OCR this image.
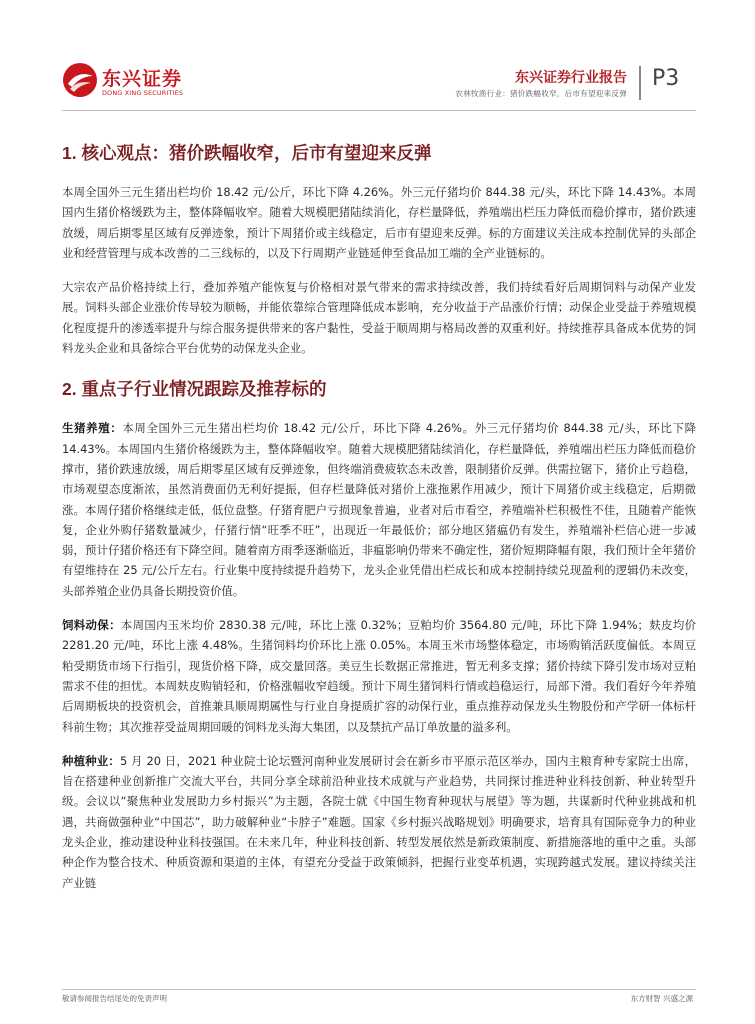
东兴证券
DONG XING SECURITIES
东兴证券行业报告
农林牧渔行业：猪价跌幅收窄，后市有望迎来反弹
P3
1. 核心观点：猪价跌幅收窄，后市有望迎来反弹

本周全国外三元生猪出栏均价 18.42 元/公斤，环比下降 4.26%。外三元仔猪均价 844.38 元/头，环比下降 14.43%。本周国内生猪价格缓跌为主，整体降幅收窄。随着大规模肥猪陆续消化，存栏量降低，养殖端出栏压力降低而稳价撑市，猪价跌速放缓，周后期零星区域有反弹迹象，预计下周猪价或主线稳定，后市有望迎来反弹。标的方面建议关注成本控制优异的头部企业和经营管理与成本改善的二三线标的，以及下行周期产业链延伸至食品加工端的全产业链标的。

大宗农产品价格持续上行，叠加养殖产能恢复与价格相对景气带来的需求持续改善，我们持续看好后周期饲料与动保产业发展。饲料头部企业涨价传导较为顺畅，并能依靠综合管理降低成本影响，充分收益于产品涨价行情；动保企业受益于养殖规模化程度提升的渗透率提升与综合服务提供带来的客户黏性，受益于顺周期与格局改善的双重利好。持续推荐具备成本优势的饲料龙头企业和具备综合平台优势的动保龙头企业。

2. 重点子行业情况跟踪及推荐标的

生猪养殖：本周全国外三元生猪出栏均价 18.42 元/公斤，环比下降 4.26%。外三元仔猪均价 844.38 元/头，环比下降 14.43%。本周国内生猪价格缓跌为主，整体降幅收窄。随着大规模肥猪陆续消化，存栏量降低，养殖端出栏压力降低而稳价撑市，猪价跌速放缓，周后期零星区域有反弹迹象，但终端消费疲软态未改善，限制猪价反弹。供需拉锯下，猪价止亏趋稳，市场观望态度渐浓，虽然消费面仍无利好提振，但存栏量降低对猪价上涨拖累作用减少，预计下周猪价或主线稳定，后期微涨。本周仔猪价格继续走低，低位盘整。仔猪育肥户亏损现象普遍，业者对后市看空，养殖端补栏积极性不佳，且随着产能恢复，企业外购仔猪数量减少，仔猪行情“旺季不旺”，出现近一年最低价；部分地区猪瘟仍有发生，养殖端补栏信心进一步减弱，预计仔猪价格还有下降空间。随着南方雨季逐渐临近，非瘟影响仍带来不确定性，猪价短期降幅有限，我们预计全年猪价有望维持在 25 元/公斤左右。行业集中度持续提升趋势下，龙头企业凭借出栏成长和成本控制持续兑现盈利的逻辑仍未改变，头部养殖企业仍具备长期投资价值。

饲料动保：本周国内玉米均价 2830.38 元/吨，环比上涨 0.32%；豆粕均价 3564.80 元/吨，环比下降 1.94%；麸皮均价 2281.20 元/吨，环比上涨 4.48%。生猪饲料均价环比上涨 0.05%。本周玉米市场整体稳定，市场购销活跃度偏低。本周豆粕受期货市场下行指引，现货价格下降，成交量回落。美豆生长数据正常推进，暂无利多支撑；猪价持续下降引发市场对豆粕需求不佳的担忧。本周麸皮购销轻和，价格涨幅收窄趋缓。预计下周生猪饲料行情或趋稳运行，局部下滑。我们看好今年养殖后周期板块的投资机会，首推兼具顺周期属性与行业自身提质扩容的动保行业，重点推荐动保龙头生物股份和产学研一体标杆科前生物；其次推荐受益周期回暖的饲料龙头海大集团，以及禁抗产品订单放量的溢多利。

种植种业：5 月 20 日，2021 种业院士论坛暨河南种业发展研讨会在新乡市平原示范区举办，国内主粮育种专家院士出席，旨在搭建种业创新推广交流大平台，共同分享全球前沿种业技术成就与产业趋势，共同探讨推进种业科技创新、种业转型升级。会议以“聚焦种业发展助力乡村振兴”为主题，各院士就《中国生物育种现状与展望》等为题，共谋新时代种业挑战和机遇，共商做强种业“中国芯”，助力破解种业“卡脖子”难题。国家《乡村振兴战略规划》明确要求，培育具有国际竞争力的种业龙头企业，推动建设种业科技强国。在未来几年，种业科技创新、转型发展依然是新政策制度、新措施落地的重中之重。头部种企作为整合技术、种质资源和渠道的主体，有望充分受益于政策倾斜，把握行业变革机遇，实现跨越式发展。建议持续关注产业链

敬请参阅报告结尾处的免责声明	东方财智 兴盛之源
